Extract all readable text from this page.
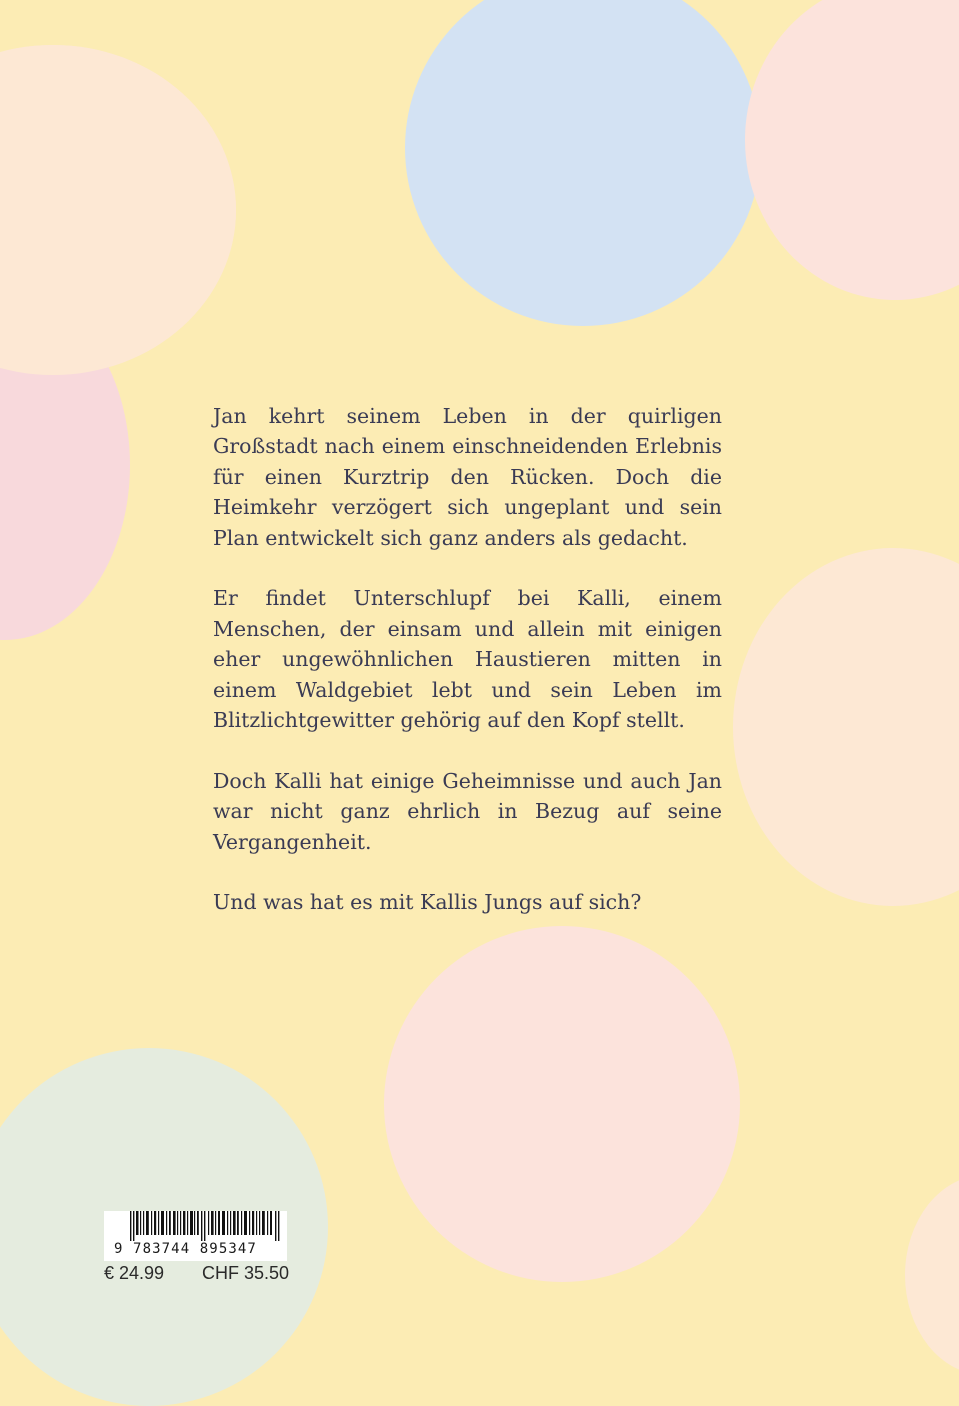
Jan kehrt seinem Leben in der quirligen Großstadt nach einem einschneidenden Erlebnis für einen Kurztrip den Rücken. Doch die Heimkehr verzögert sich ungeplant und sein Plan entwickelt sich ganz anders als gedacht.

Er findet Unterschlupf bei Kalli, einem Menschen, der einsam und allein mit einigen eher ungewöhnlichen Haustieren mitten in einem Waldgebiet lebt und sein Leben im Blitzlichtgewitter gehörig auf den Kopf stellt.

Doch Kalli hat einige Geheimnisse und auch Jan war nicht ganz ehrlich in Bezug auf seine Vergangenheit.

Und was hat es mit Kallis Jungs auf sich?

9 783744 895347
€ 24.99 CHF 35.50
